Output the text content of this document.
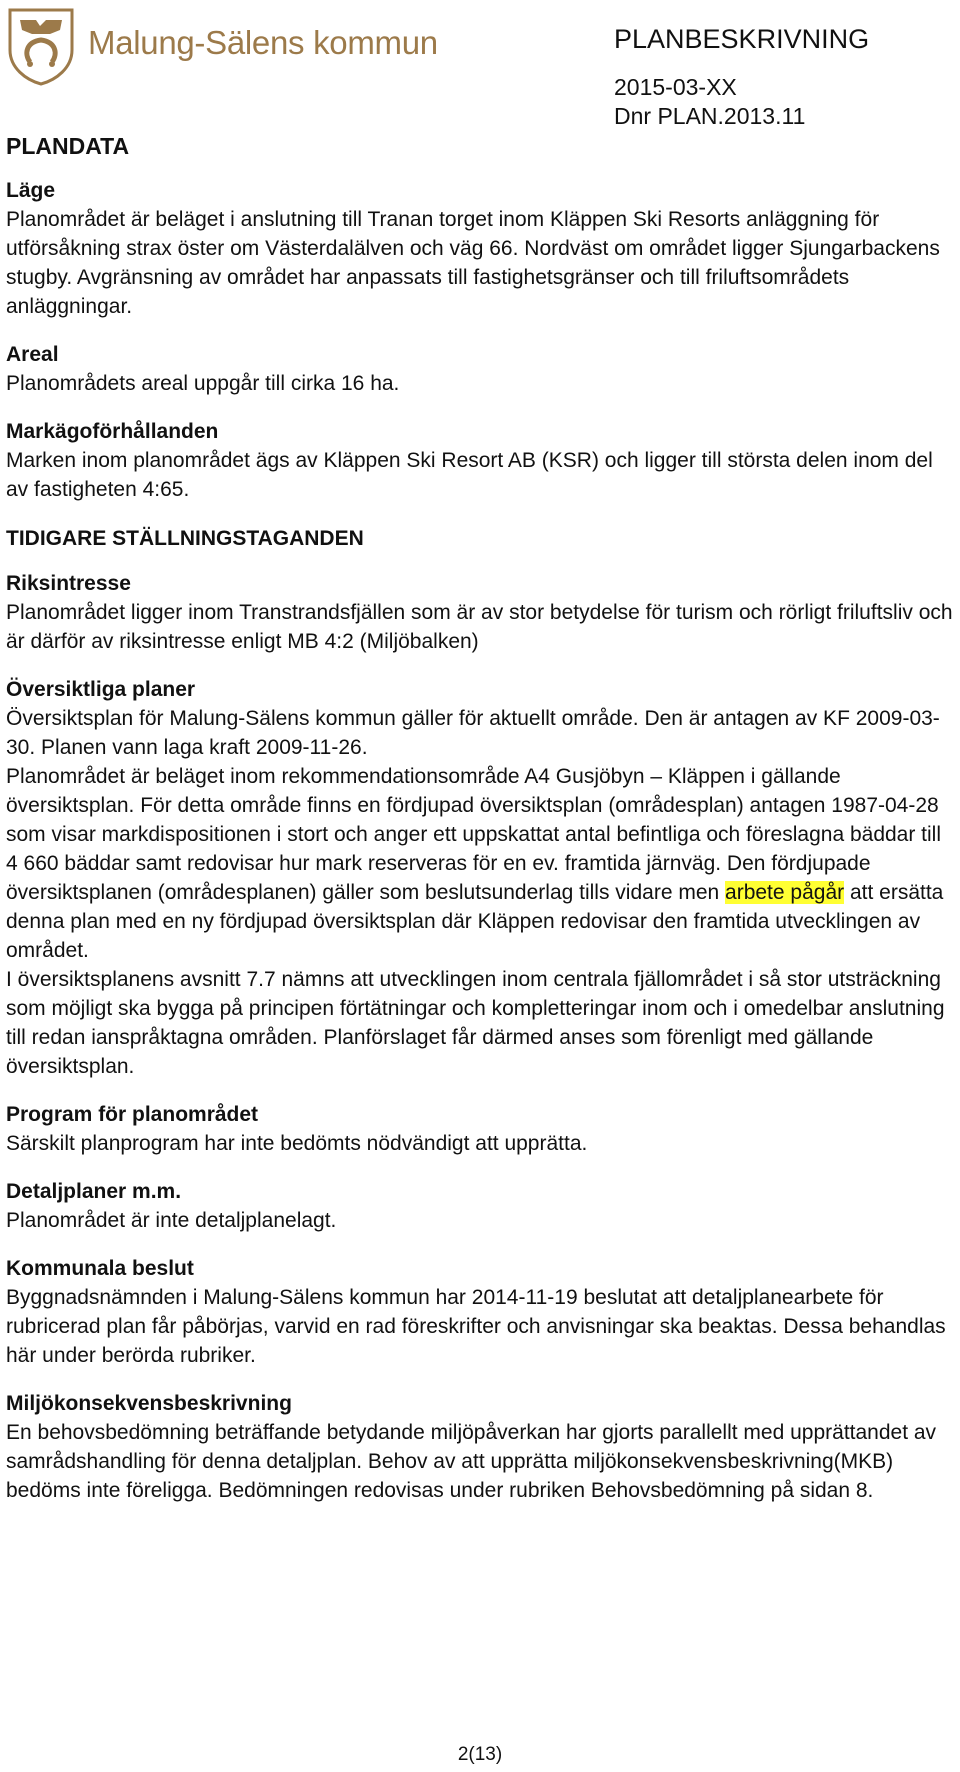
Malung-Sälens kommun	PLANBESKRIVNING
2015-03-XX
Dnr PLAN.2013.11
PLANDATA
Läge

Planområdet är beläget i anslutning till Tranan torget inom Kläppen Ski Resorts anläggning för utförsåkning strax öster om Västerdalälven och väg 66. Nordväst om området ligger Sjungarbackens stugby. Avgränsning av området har anpassats till fastighetsgränser och till friluftsområdets anläggningar.

Areal

Planområdets areal uppgår till cirka 16 ha.

Markägoförhållanden

Marken inom planområdet ägs av Kläppen Ski Resort AB (KSR) och ligger till största delen inom del av fastigheten 4:65.

TIDIGARE STÄLLNINGSTAGANDEN
Riksintresse

Planområdet ligger inom Transtrandsfjällen som är av stor betydelse för turism och rörligt friluftsliv och är därför av riksintresse enligt MB 4:2 (Miljöbalken)

Översiktliga planer

Översiktsplan för Malung-Sälens kommun gäller för aktuellt område. Den är antagen av KF 2009-03-30. Planen vann laga kraft 2009-11-26.

Planområdet är beläget inom rekommendationsområde A4 Gusjöbyn – Kläppen i gällande översiktsplan. För detta område finns en fördjupad översiktsplan (områdesplan) antagen 1987-04-28 som visar markdispositionen i stort och anger ett uppskattat antal befintliga och föreslagna bäddar till 4 660 bäddar samt redovisar hur mark reserveras för en ev. framtida järnväg. Den fördjupade översiktsplanen (områdesplanen) gäller som beslutsunderlag tills vidare men arbete pågår att ersätta denna plan med en ny fördjupad översiktsplan där Kläppen redovisar den framtida utvecklingen av området.

I översiktsplanens avsnitt 7.7 nämns att utvecklingen inom centrala fjällområdet i så stor utsträckning som möjligt ska bygga på principen förtätningar och kompletteringar inom och i omedelbar anslutning till redan ianspråktagna områden. Planförslaget får därmed anses som förenligt med gällande översiktsplan.

Program för planområdet

Särskilt planprogram har inte bedömts nödvändigt att upprätta.

Detaljplaner m.m.

Planområdet är inte detaljplanelagt.

Kommunala beslut

Byggnadsnämnden i Malung-Sälens kommun har 2014-11-19 beslutat att detaljplanearbete för rubricerad plan får påbörjas, varvid en rad föreskrifter och anvisningar ska beaktas. Dessa behandlas här under berörda rubriker.

Miljökonsekvensbeskrivning

En behovsbedömning beträffande betydande miljöpåverkan har gjorts parallellt med upprättandet av samrådshandling för denna detaljplan. Behov av att upprätta miljökonsekvensbeskrivning(MKB) bedöms inte föreligga. Bedömningen redovisas under rubriken Behovsbedömning på sidan 8.

2(13)
